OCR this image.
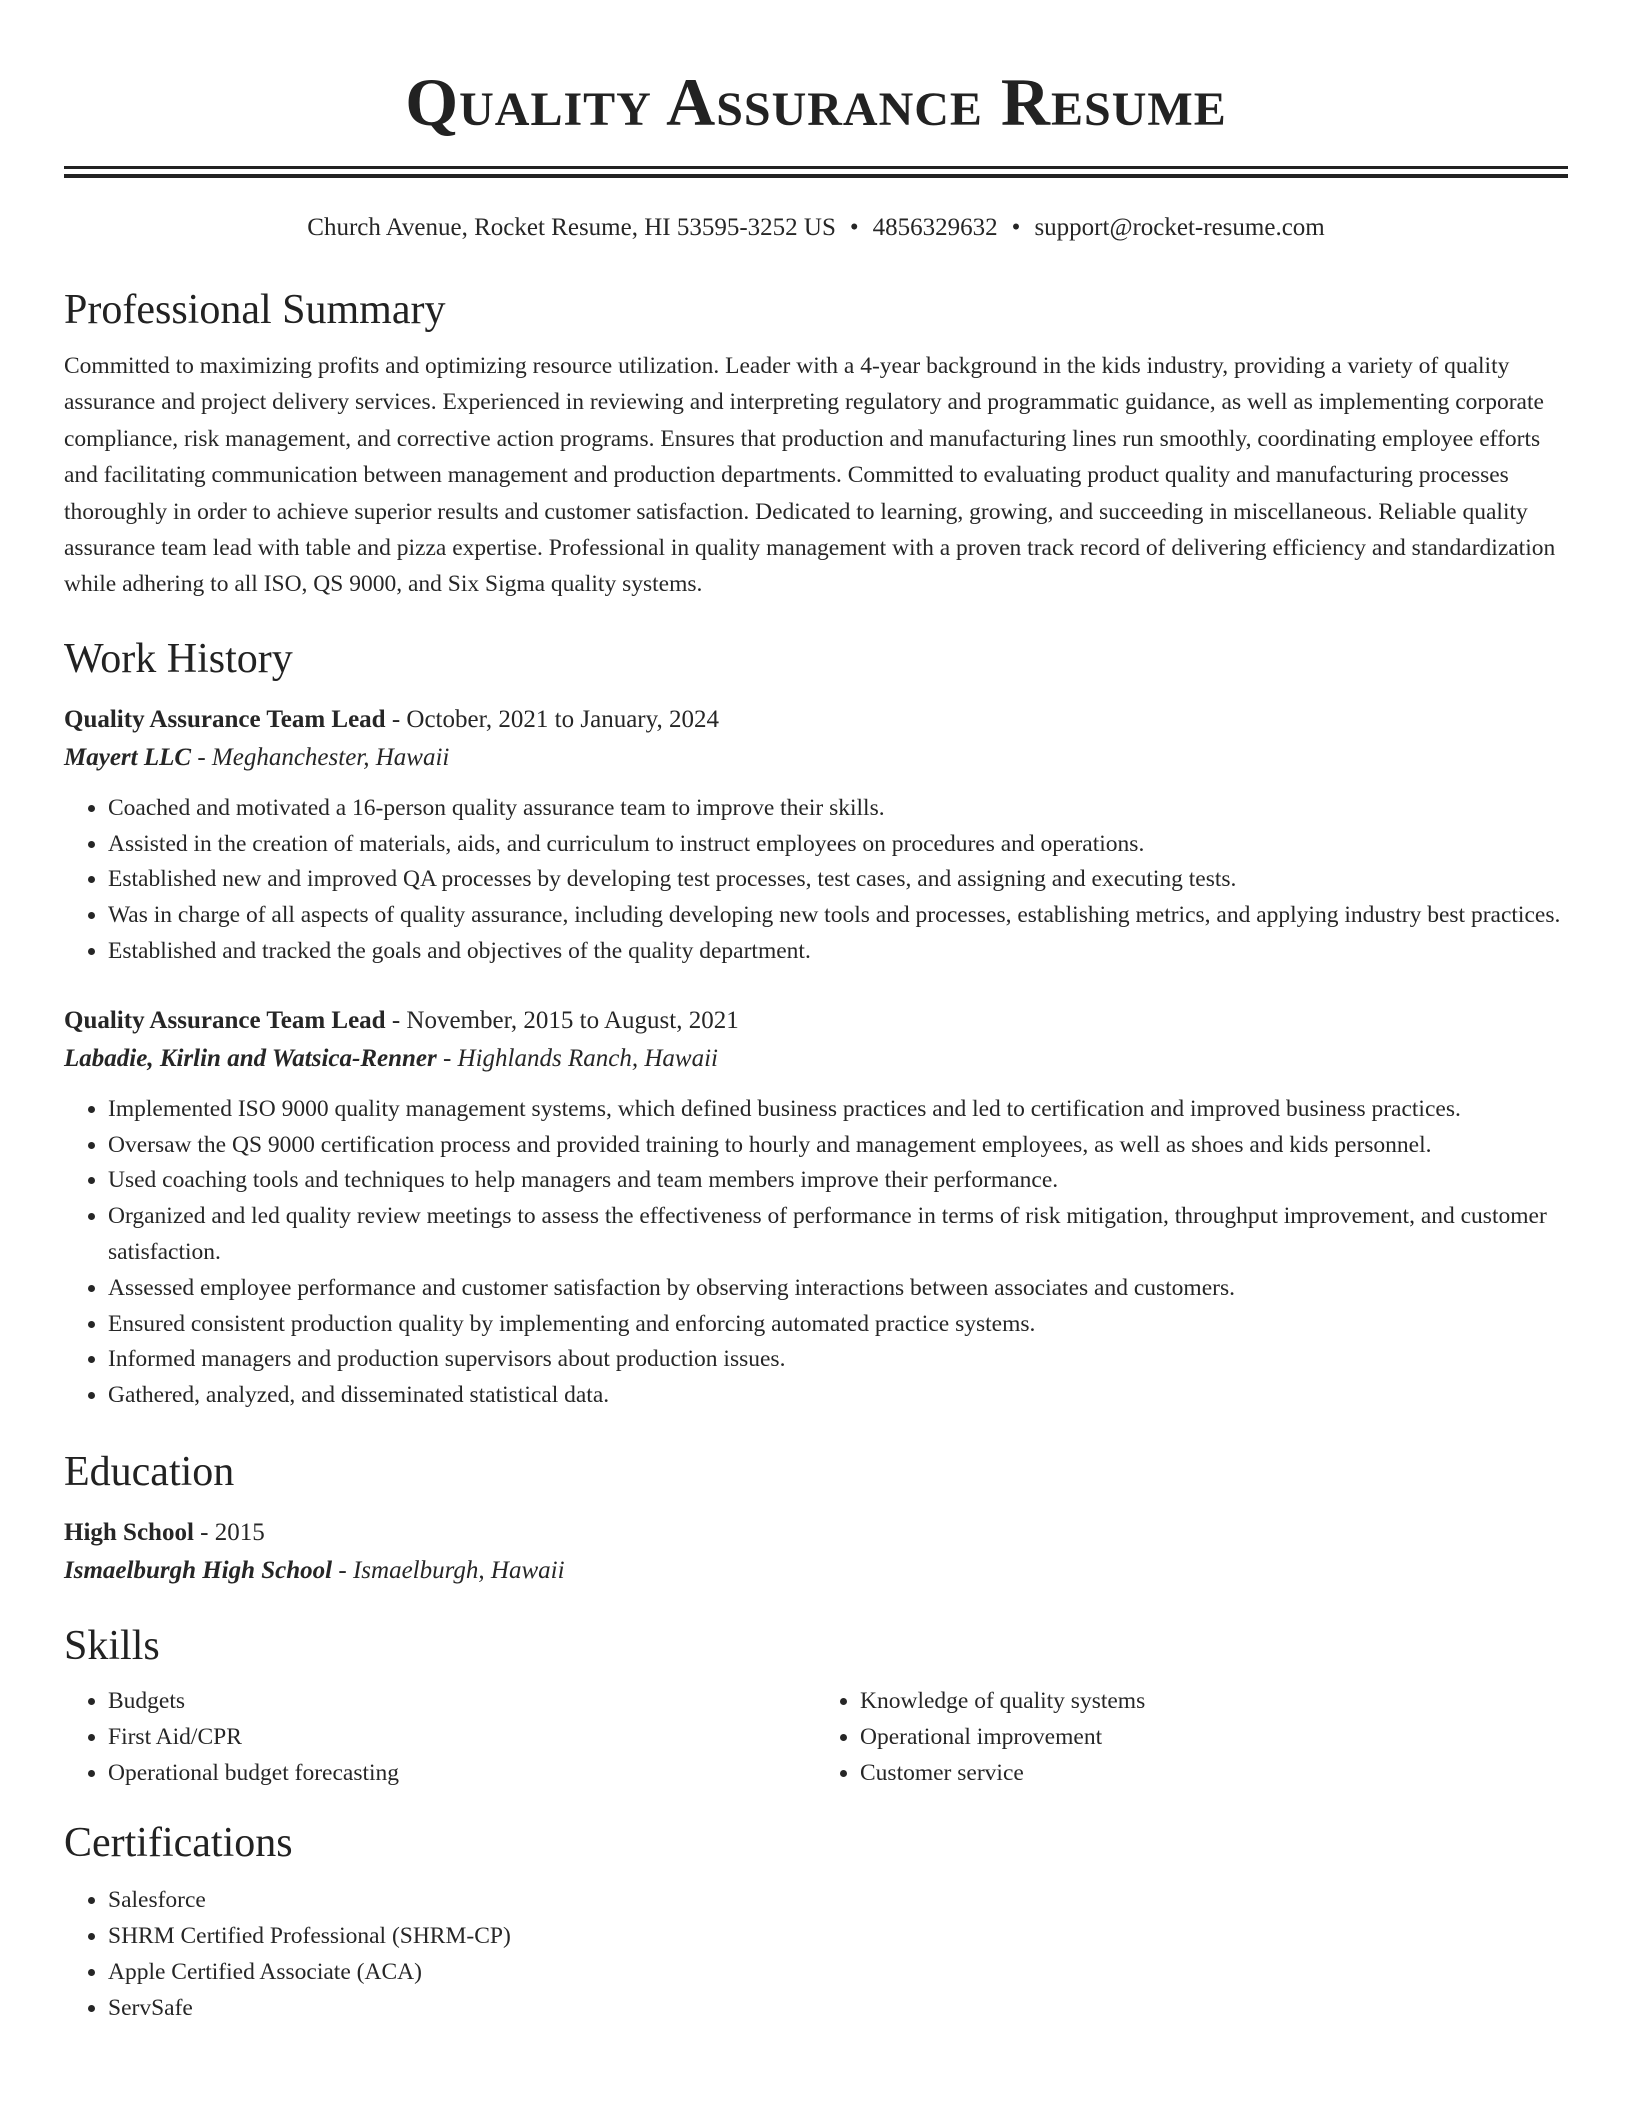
Quality Assurance Resume
Church Avenue, Rocket Resume, HI 53595-3252 US • 4856329632 • support@rocket-resume.com
Professional Summary

Committed to maximizing profits and optimizing resource utilization. Leader with a 4-year background in the kids industry, providing a variety of quality assurance and project delivery services. Experienced in reviewing and interpreting regulatory and programmatic guidance, as well as implementing corporate compliance, risk management, and corrective action programs. Ensures that production and manufacturing lines run smoothly, coordinating employee efforts and facilitating communication between management and production departments. Committed to evaluating product quality and manufacturing processes thoroughly in order to achieve superior results and customer satisfaction. Dedicated to learning, growing, and succeeding in miscellaneous. Reliable quality assurance team lead with table and pizza expertise. Professional in quality management with a proven track record of delivering efficiency and standardization while adhering to all ISO, QS 9000, and Six Sigma quality systems.

Work History
Quality Assurance Team Lead - October, 2021 to January, 2024
Mayert LLC - Meghanchester, Hawaii
• Coached and motivated a 16-person quality assurance team to improve their skills.
• Assisted in the creation of materials, aids, and curriculum to instruct employees on procedures and operations.
• Established new and improved QA processes by developing test processes, test cases, and assigning and executing tests.
• Was in charge of all aspects of quality assurance, including developing new tools and processes, establishing metrics, and applying industry best practices.
• Established and tracked the goals and objectives of the quality department.
Quality Assurance Team Lead - November, 2015 to August, 2021
Labadie, Kirlin and Watsica-Renner - Highlands Ranch, Hawaii
• Implemented ISO 9000 quality management systems, which defined business practices and led to certification and improved business practices.
• Oversaw the QS 9000 certification process and provided training to hourly and management employees, as well as shoes and kids personnel.
• Used coaching tools and techniques to help managers and team members improve their performance.
• Organized and led quality review meetings to assess the effectiveness of performance in terms of risk mitigation, throughput improvement, and customer satisfaction.
• Assessed employee performance and customer satisfaction by observing interactions between associates and customers.
• Ensured consistent production quality by implementing and enforcing automated practice systems.
• Informed managers and production supervisors about production issues.
• Gathered, analyzed, and disseminated statistical data.
Education
High School - 2015
Ismaelburgh High School - Ismaelburgh, Hawaii
Skills
• Budgets
• First Aid/CPR
• Operational budget forecasting
• Knowledge of quality systems
• Operational improvement
• Customer service
Certifications
• Salesforce
• SHRM Certified Professional (SHRM-CP)
• Apple Certified Associate (ACA)
• ServSafe
